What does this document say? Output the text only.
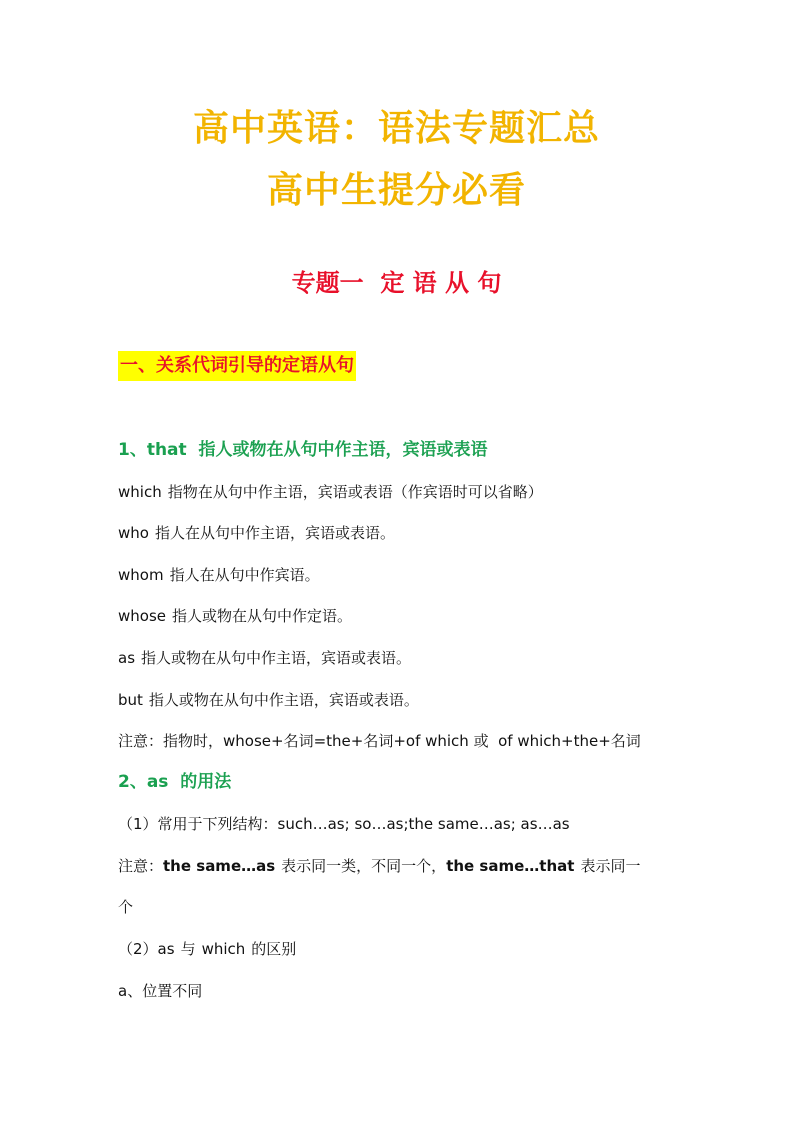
高中英语：语法专题汇总
高中生提分必看
专题一  定 语 从 句
一、关系代词引导的定语从句
1、that  指人或物在从句中作主语，宾语或表语
which 指物在从句中作主语，宾语或表语（作宾语时可以省略）
who 指人在从句中作主语，宾语或表语。
whom 指人在从句中作宾语。
whose 指人或物在从句中作定语。
as 指人或物在从句中作主语，宾语或表语。
but 指人或物在从句中作主语，宾语或表语。
注意：指物时，whose+名词=the+名词+of which 或  of which+the+名词
2、as  的用法
（1）常用于下列结构：such…as; so…as;the same…as; as…as
注意：the same…as 表示同一类，不同一个，the same…that 表示同一
个
（2）as 与 which 的区别
a、位置不同
